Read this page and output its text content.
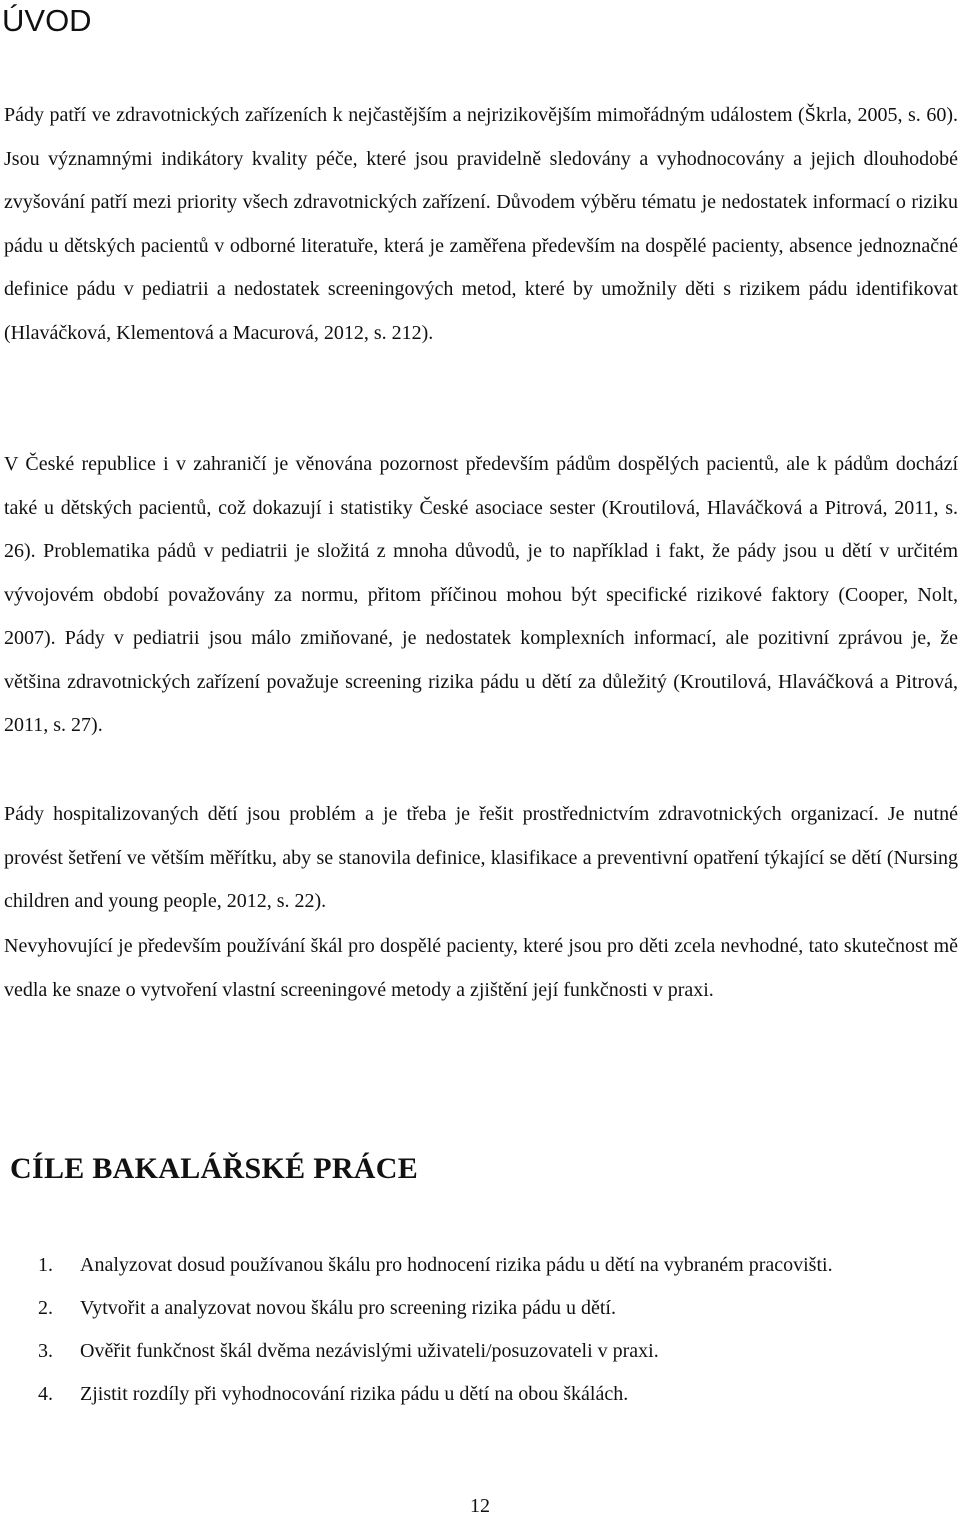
ÚVOD

Pády patří ve zdravotnických zařízeních k nejčastějším a nejrizikovějším mimořádným událostem (Škrla, 2005, s. 60). Jsou významnými indikátory kvality péče, které jsou pravidelně sledovány a vyhodnocovány a jejich dlouhodobé zvyšování patří mezi priority všech zdravotnických zařízení. Důvodem výběru tématu je nedostatek informací o riziku pádu u dětských pacientů v odborné literatuře, která je zaměřena především na dospělé pacienty, absence jednoznačné definice pádu v pediatrii a nedostatek screeningových metod, které by umožnily děti s rizikem pádu identifikovat (Hlaváčková, Klementová a Macurová, 2012, s. 212).

V České republice i v zahraničí je věnována pozornost především pádům dospělých pacientů, ale k pádům dochází také u dětských pacientů, což dokazují i statistiky České asociace sester (Kroutilová, Hlaváčková a Pitrová, 2011, s. 26). Problematika pádů v pediatrii je složitá z mnoha důvodů, je to například i fakt, že pády jsou u dětí v určitém vývojovém období považovány za normu, přitom příčinou mohou být specifické rizikové faktory (Cooper, Nolt, 2007). Pády v pediatrii jsou málo zmiňované, je nedostatek komplexních informací, ale pozitivní zprávou je, že většina zdravotnických zařízení považuje screening rizika pádu u dětí za důležitý (Kroutilová, Hlaváčková a Pitrová, 2011, s. 27).

Pády hospitalizovaných dětí jsou problém a je třeba je řešit prostřednictvím zdravotnických organizací. Je nutné provést šetření ve větším měřítku, aby se stanovila definice, klasifikace a preventivní opatření týkající se dětí (Nursing children and young people, 2012, s. 22).

Nevyhovující je především používání škál pro dospělé pacienty, které jsou pro děti zcela nevhodné, tato skutečnost mě vedla ke snaze o vytvoření vlastní screeningové metody a zjištění její funkčnosti v praxi.

CÍLE BAKALÁŘSKÉ PRÁCE
1.	Analyzovat dosud používanou škálu pro hodnocení rizika pádu u dětí na vybraném pracovišti.
2.	Vytvořit a analyzovat novou škálu pro screening rizika pádu u dětí.
3.	Ověřit funkčnost škál dvěma nezávislými uživateli/posuzovateli v praxi.
4.	Zjistit rozdíly při vyhodnocování rizika pádu u dětí na obou škálách.
12
